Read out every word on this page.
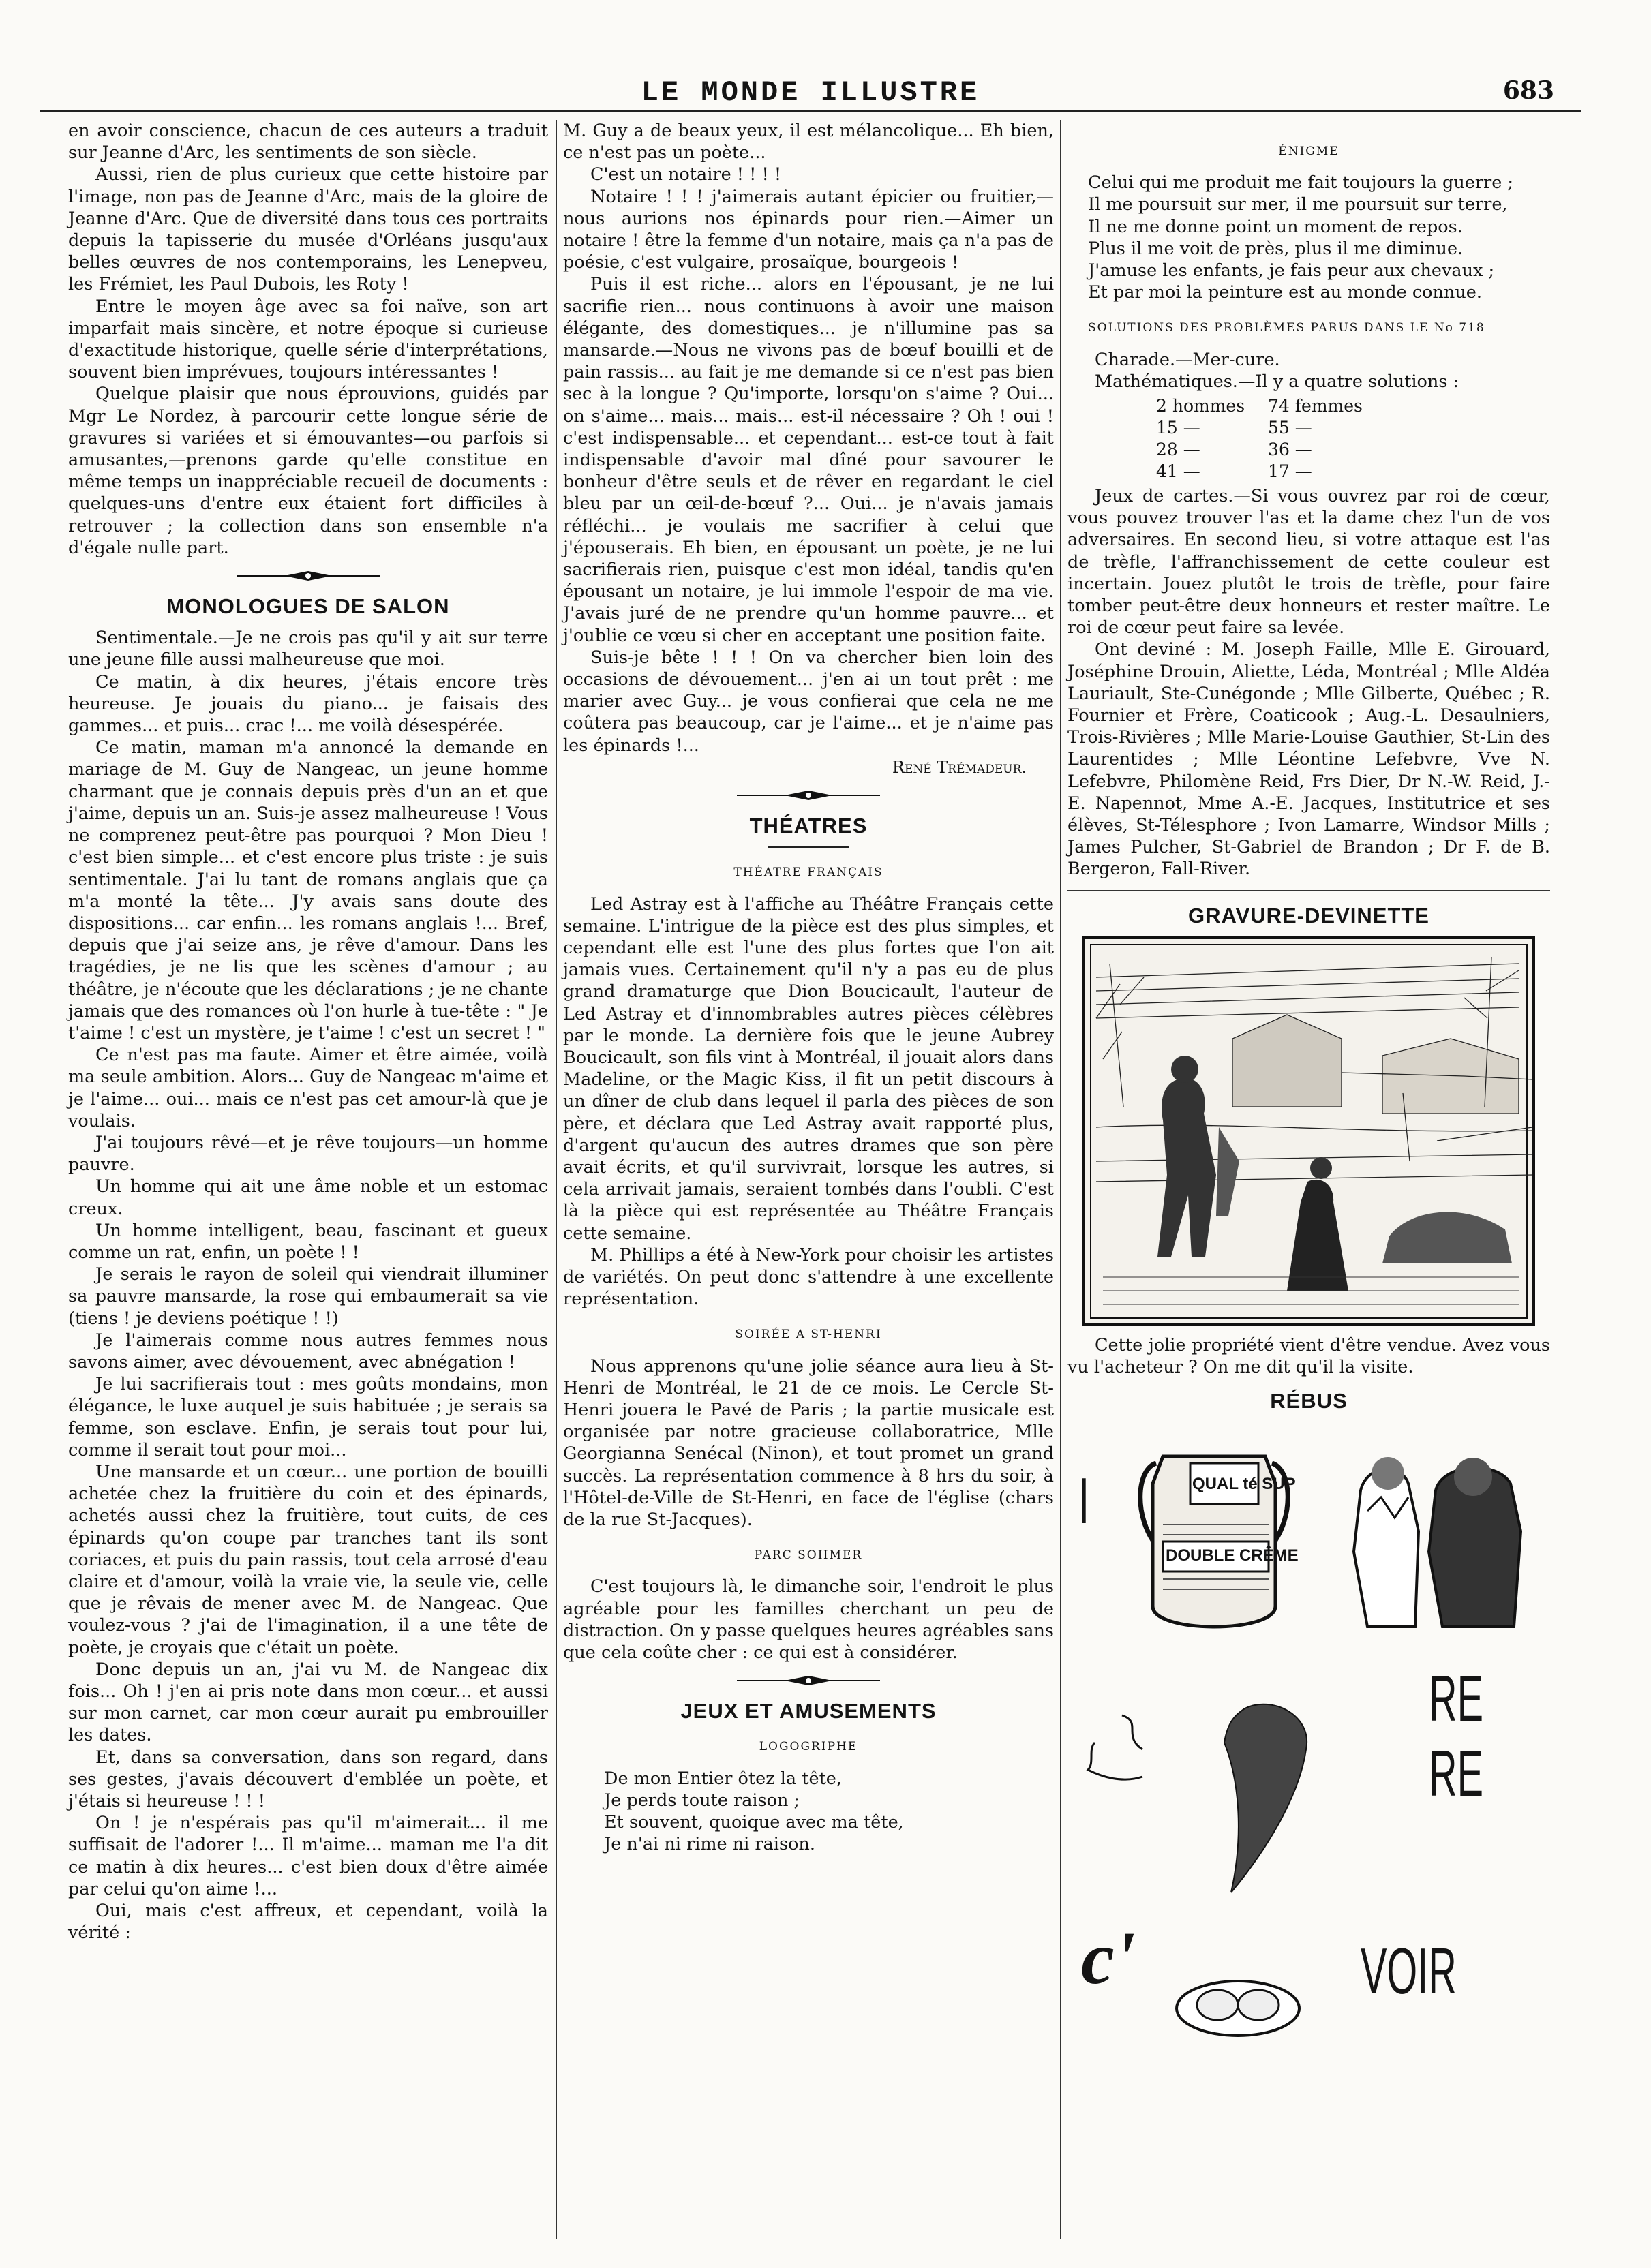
LE MONDE ILLUSTRE	683

en avoir conscience, chacun de ces auteurs a traduit sur Jeanne d'Arc, les sentiments de son siècle.

Aussi, rien de plus curieux que cette histoire par l'image, non pas de Jeanne d'Arc, mais de la gloire de Jeanne d'Arc. Que de diversité dans tous ces portraits depuis la tapisserie du musée d'Orléans jusqu'aux belles œuvres de nos contemporains, les Lenepveu, les Frémiet, les Paul Dubois, les Roty !

Entre le moyen âge avec sa foi naïve, son art imparfait mais sincère, et notre époque si curieuse d'exactitude historique, quelle série d'interprétations, souvent bien imprévues, toujours intéressantes !

Quelque plaisir que nous éprouvions, guidés par Mgr Le Nordez, à parcourir cette longue série de gravures si variées et si émouvantes—ou parfois si amusantes,—prenons garde qu'elle constitue en même temps un inappréciable recueil de documents : quelques-uns d'entre eux étaient fort difficiles à retrouver ; la collection dans son ensemble n'a d'égale nulle part.

MONOLOGUES DE SALON

Sentimentale.—Je ne crois pas qu'il y ait sur terre une jeune fille aussi malheureuse que moi.

Ce matin, à dix heures, j'étais encore très heureuse. Je jouais du piano... je faisais des gammes... et puis... crac !... me voilà désespérée.

Ce matin, maman m'a annoncé la demande en mariage de M. Guy de Nangeac, un jeune homme charmant que je connais depuis près d'un an et que j'aime, depuis un an. Suis-je assez malheureuse ! Vous ne comprenez peut-être pas pourquoi ? Mon Dieu ! c'est bien simple... et c'est encore plus triste : je suis sentimentale. J'ai lu tant de romans anglais que ça m'a monté la tête... J'y avais sans doute des dispositions... car enfin... les romans anglais !... Bref, depuis que j'ai seize ans, je rêve d'amour. Dans les tragédies, je ne lis que les scènes d'amour ; au théâtre, je n'écoute que les déclarations ; je ne chante jamais que des romances où l'on hurle à tue-tête : " Je t'aime ! c'est un mystère, je t'aime ! c'est un secret ! "

Ce n'est pas ma faute. Aimer et être aimée, voilà ma seule ambition. Alors... Guy de Nangeac m'aime et je l'aime... oui... mais ce n'est pas cet amour-là que je voulais.

J'ai toujours rêvé—et je rêve toujours—un homme pauvre.

Un homme qui ait une âme noble et un estomac creux.

Un homme intelligent, beau, fascinant et gueux comme un rat, enfin, un poète ! !

Je serais le rayon de soleil qui viendrait illuminer sa pauvre mansarde, la rose qui embaumerait sa vie (tiens ! je deviens poétique ! !)

Je l'aimerais comme nous autres femmes nous savons aimer, avec dévouement, avec abnégation !

Je lui sacrifierais tout : mes goûts mondains, mon élégance, le luxe auquel je suis habituée ; je serais sa femme, son esclave. Enfin, je serais tout pour lui, comme il serait tout pour moi...

Une mansarde et un cœur... une portion de bouilli achetée chez la fruitière du coin et des épinards, achetés aussi chez la fruitière, tout cuits, de ces épinards qu'on coupe par tranches tant ils sont coriaces, et puis du pain rassis, tout cela arrosé d'eau claire et d'amour, voilà la vraie vie, la seule vie, celle que je rêvais de mener avec M. de Nangeac. Que voulez-vous ? j'ai de l'imagination, il a une tête de poète, je croyais que c'était un poète.

Donc depuis un an, j'ai vu M. de Nangeac dix fois... Oh ! j'en ai pris note dans mon cœur... et aussi sur mon carnet, car mon cœur aurait pu embrouiller les dates.

Et, dans sa conversation, dans son regard, dans ses gestes, j'avais découvert d'emblée un poète, et j'étais si heureuse ! ! !

On ! je n'espérais pas qu'il m'aimerait... il me suffisait de l'adorer !... Il m'aime... maman me l'a dit ce matin à dix heures... c'est bien doux d'être aimée par celui qu'on aime !...

Oui, mais c'est affreux, et cependant, voilà la vérité :

M. Guy a de beaux yeux, il est mélancolique... Eh bien, ce n'est pas un poète...

C'est un notaire ! ! ! !

Notaire ! ! ! j'aimerais autant épicier ou fruitier,—nous aurions nos épinards pour rien.—Aimer un notaire ! être la femme d'un notaire, mais ça n'a pas de poésie, c'est vulgaire, prosaïque, bourgeois !

Puis il est riche... alors en l'épousant, je ne lui sacrifie rien... nous continuons à avoir une maison élégante, des domestiques... je n'illumine pas sa mansarde.—Nous ne vivons pas de bœuf bouilli et de pain rassis... au fait je me demande si ce n'est pas bien sec à la longue ? Qu'importe, lorsqu'on s'aime ? Oui... on s'aime... mais... mais... est-il nécessaire ? Oh ! oui ! c'est indispensable... et cependant... est-ce tout à fait indispensable d'avoir mal dîné pour savourer le bonheur d'être seuls et de rêver en regardant le ciel bleu par un œil-de-bœuf ?... Oui... je n'avais jamais réfléchi... je voulais me sacrifier à celui que j'épouserais. Eh bien, en épousant un poète, je ne lui sacrifierais rien, puisque c'est mon idéal, tandis qu'en épousant un notaire, je lui immole l'espoir de ma vie. J'avais juré de ne prendre qu'un homme pauvre... et j'oublie ce vœu si cher en acceptant une position faite.

Suis-je bête ! ! ! On va chercher bien loin des occasions de dévouement... j'en ai un tout prêt : me marier avec Guy... je vous confierai que cela ne me coûtera pas beaucoup, car je l'aime... et je n'aime pas les épinards !...

René Trémadeur.

THÉATRES

THÉATRE FRANÇAIS

Led Astray est à l'affiche au Théâtre Français cette semaine. L'intrigue de la pièce est des plus simples, et cependant elle est l'une des plus fortes que l'on ait jamais vues. Certainement qu'il n'y a pas eu de plus grand dramaturge que Dion Boucicault, l'auteur de Led Astray et d'innombrables autres pièces célèbres par le monde. La dernière fois que le jeune Aubrey Boucicault, son fils vint à Montréal, il jouait alors dans Madeline, or the Magic Kiss, il fit un petit discours à un dîner de club dans lequel il parla des pièces de son père, et déclara que Led Astray avait rapporté plus, d'argent qu'aucun des autres drames que son père avait écrits, et qu'il survivrait, lorsque les autres, si cela arrivait jamais, seraient tombés dans l'oubli. C'est là la pièce qui est représentée au Théâtre Français cette semaine.

M. Phillips a été à New-York pour choisir les artistes de variétés. On peut donc s'attendre à une excellente représentation.

SOIRÉE A ST-HENRI

Nous apprenons qu'une jolie séance aura lieu à St-Henri de Montréal, le 21 de ce mois. Le Cercle St-Henri jouera le Pavé de Paris ; la partie musicale est organisée par notre gracieuse collaboratrice, Mlle Georgianna Senécal (Ninon), et tout promet un grand succès. La représentation commence à 8 hrs du soir, à l'Hôtel-de-Ville de St-Henri, en face de l'église (chars de la rue St-Jacques).

PARC SOHMER

C'est toujours là, le dimanche soir, l'endroit le plus agréable pour les familles cherchant un peu de distraction. On y passe quelques heures agréables sans que cela coûte cher : ce qui est à considérer.

JEUX ET AMUSEMENTS

LOGOGRIPHE

De mon Entier ôtez la tête,

Je perds toute raison ;

Et souvent, quoique avec ma tête,

Je n'ai ni rime ni raison.

ÉNIGME

Celui qui me produit me fait toujours la guerre ;

Il me poursuit sur mer, il me poursuit sur terre,

Il ne me donne point un moment de repos.

Plus il me voit de près, plus il me diminue.

J'amuse les enfants, je fais peur aux chevaux ;

Et par moi la peinture est au monde connue.

SOLUTIONS DES PROBLÈMES PARUS DANS LE No 718

Charade.—Mer-cure.

Mathématiques.—Il y a quatre solutions :

2 hommes	74 femmes
15 —	55 —
28 —	36 —
41 —	17 —

Jeux de cartes.—Si vous ouvrez par roi de cœur, vous pouvez trouver l'as et la dame chez l'un de vos adversaires. En second lieu, si votre attaque est l'as de trèfle, l'affranchissement de cette couleur est incertain. Jouez plutôt le trois de trèfle, pour faire tomber peut-être deux honneurs et rester maître. Le roi de cœur peut faire sa levée.

Ont deviné : M. Joseph Faille, Mlle E. Girouard, Joséphine Drouin, Aliette, Léda, Montréal ; Mlle Aldéa Lauriault, Ste-Cunégonde ; Mlle Gilberte, Québec ; R. Fournier et Frère, Coaticook ; Aug.-L. Desaulniers, Trois-Rivières ; Mlle Marie-Louise Gauthier, St-Lin des Laurentides ; Mlle Léontine Lefebvre, Vve N. Lefebvre, Philomène Reid, Frs Dier, Dr N.-W. Reid, J.-E. Napennot, Mme A.-E. Jacques, Institutrice et ses élèves, St-Télesphore ; Ivon Lamarre, Windsor Mills ; James Pulcher, St-Gabriel de Brandon ; Dr F. de B. Bergeron, Fall-River.

GRAVURE-DEVINETTE

Cette jolie propriété vient d'être vendue. Avez vous vu l'acheteur ? On me dit qu'il la visite.

RÉBUS
I	QUAL té SUP
DOUBLE CRÊME
RE
RE
c'	VOIR
